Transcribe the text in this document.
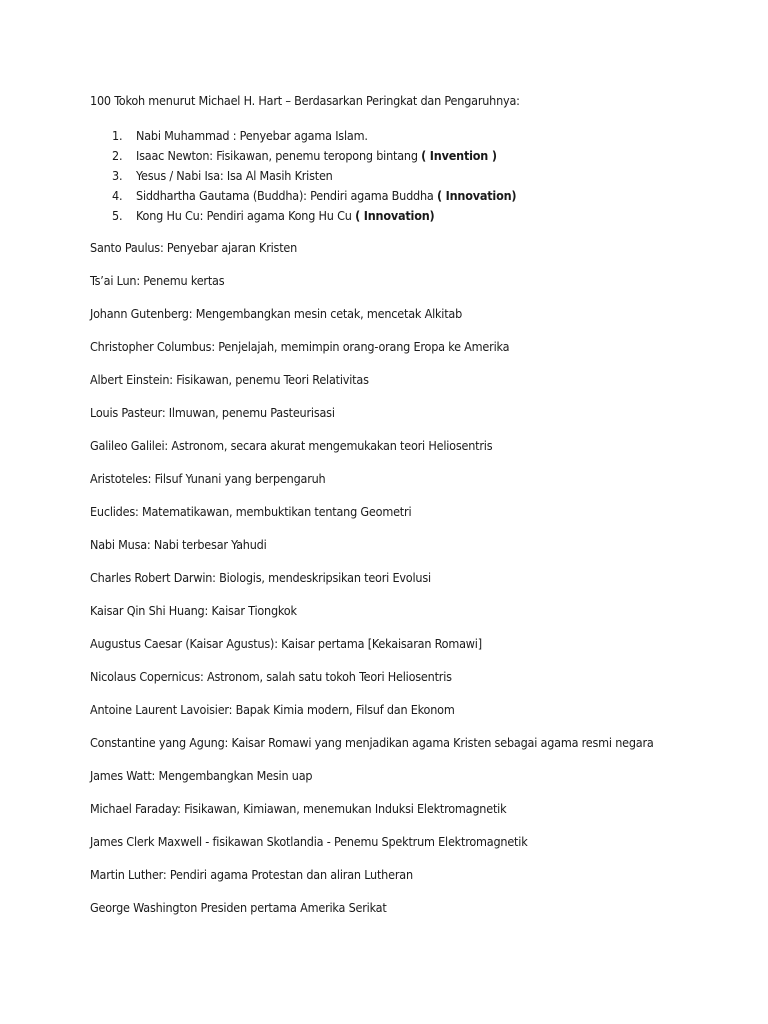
100 Tokoh menurut Michael H. Hart – Berdasarkan Peringkat dan Pengaruhnya:

1. Nabi Muhammad : Penyebar agama Islam.
2. Isaac Newton: Fisikawan, penemu teropong bintang ( Invention )
3. Yesus / Nabi Isa: Isa Al Masih Kristen
4. Siddhartha Gautama (Buddha): Pendiri agama Buddha ( Innovation)
5. Kong Hu Cu: Pendiri agama Kong Hu Cu ( Innovation)
Santo Paulus: Penyebar ajaran Kristen
Ts’ai Lun: Penemu kertas
Johann Gutenberg: Mengembangkan mesin cetak, mencetak Alkitab
Christopher Columbus: Penjelajah, memimpin orang-orang Eropa ke Amerika
Albert Einstein: Fisikawan, penemu Teori Relativitas
Louis Pasteur: Ilmuwan, penemu Pasteurisasi
Galileo Galilei: Astronom, secara akurat mengemukakan teori Heliosentris
Aristoteles: Filsuf Yunani yang berpengaruh
Euclides: Matematikawan, membuktikan tentang Geometri
Nabi Musa: Nabi terbesar Yahudi
Charles Robert Darwin: Biologis, mendeskripsikan teori Evolusi
Kaisar Qin Shi Huang: Kaisar Tiongkok
Augustus Caesar (Kaisar Agustus): Kaisar pertama [Kekaisaran Romawi]
Nicolaus Copernicus: Astronom, salah satu tokoh Teori Heliosentris
Antoine Laurent Lavoisier: Bapak Kimia modern, Filsuf dan Ekonom
Constantine yang Agung: Kaisar Romawi yang menjadikan agama Kristen sebagai agama resmi negara
James Watt: Mengembangkan Mesin uap
Michael Faraday: Fisikawan, Kimiawan, menemukan Induksi Elektromagnetik
James Clerk Maxwell - fisikawan Skotlandia - Penemu Spektrum Elektromagnetik
Martin Luther: Pendiri agama Protestan dan aliran Lutheran
George Washington Presiden pertama Amerika Serikat
